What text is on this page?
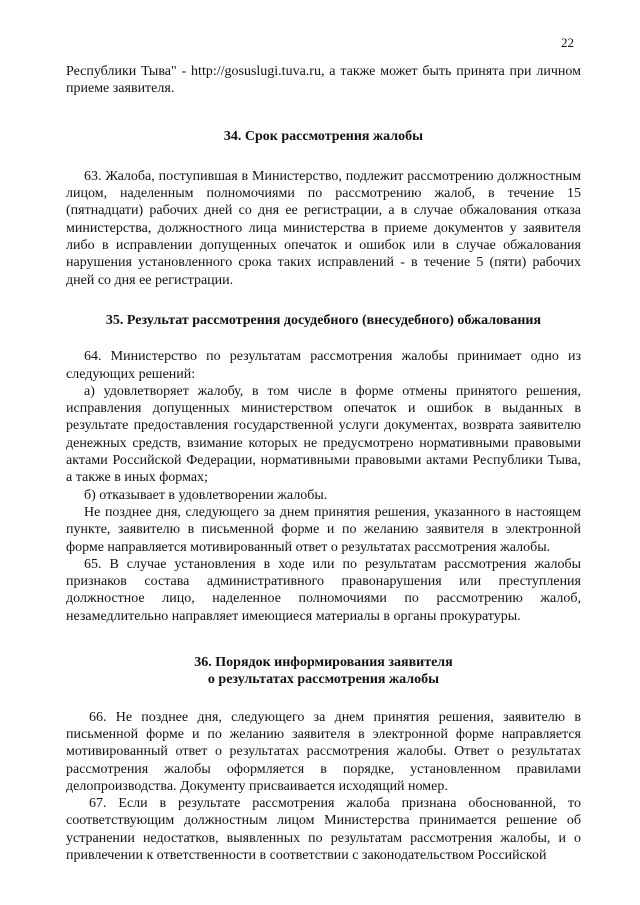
22

Республики Тыва" - http://gosuslugi.tuva.ru, а также может быть принята при личном приеме заявителя.

34. Срок рассмотрения жалобы

63. Жалоба, поступившая в Министерство, подлежит рассмотрению должностным лицом, наделенным полномочиями по рассмотрению жалоб, в течение 15 (пятнадцати) рабочих дней со дня ее регистрации, а в случае обжалования отказа министерства, должностного лица министерства в приеме документов у заявителя либо в исправлении допущенных опечаток и ошибок или в случае обжалования нарушения установленного срока таких исправлений - в течение 5 (пяти) рабочих дней со дня ее регистрации.

35. Результат рассмотрения досудебного (внесудебного) обжалования

64. Министерство по результатам рассмотрения жалобы принимает одно из следующих решений:

а) удовлетворяет жалобу, в том числе в форме отмены принятого решения, исправления допущенных министерством опечаток и ошибок в выданных в результате предоставления государственной услуги документах, возврата заявителю денежных средств, взимание которых не предусмотрено нормативными правовыми актами Российской Федерации, нормативными правовыми актами Республики Тыва, а также в иных формах;

б) отказывает в удовлетворении жалобы.

Не позднее дня, следующего за днем принятия решения, указанного в настоящем пункте, заявителю в письменной форме и по желанию заявителя в электронной форме направляется мотивированный ответ о результатах рассмотрения жалобы.

65. В случае установления в ходе или по результатам рассмотрения жалобы признаков состава административного правонарушения или преступления должностное лицо, наделенное полномочиями по рассмотрению жалоб, незамедлительно направляет имеющиеся материалы в органы прокуратуры.

36. Порядок информирования заявителя
о результатах рассмотрения жалобы

66. Не позднее дня, следующего за днем принятия решения, заявителю в письменной форме и по желанию заявителя в электронной форме направляется мотивированный ответ о результатах рассмотрения жалобы. Ответ о результатах рассмотрения жалобы оформляется в порядке, установленном правилами делопроизводства. Документу присваивается исходящий номер.

67. Если в результате рассмотрения жалоба признана обоснованной, то соответствующим должностным лицом Министерства принимается решение об устранении недостатков, выявленных по результатам рассмотрения жалобы, и о привлечении к ответственности в соответствии с законодательством Российской
